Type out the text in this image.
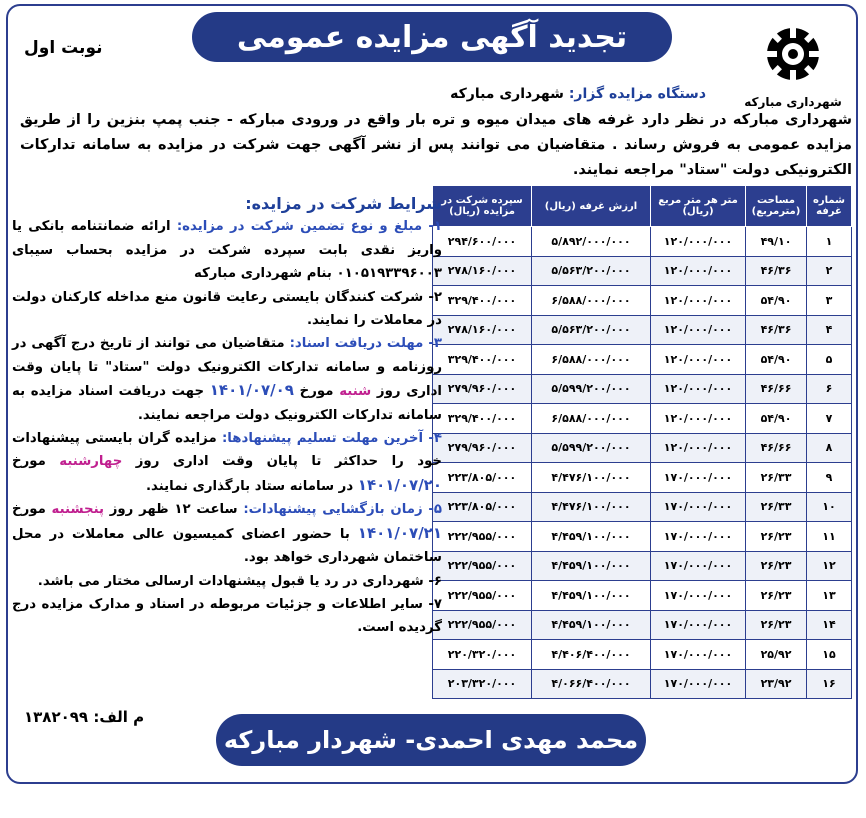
تجدید آگهی مزایده عمومی
نوبت اول
شهرداری مبارکه
دستگاه مزایده گزار: شهرداری مبارکه
شهرداری مبارکه در نظر دارد غرفه های میدان میوه و تره بار واقع در ورودی مبارکه - جنب پمپ بنزین را از طریق مزایده عمومی به فروش رساند . متقاضیان می توانند پس از نشر آگهی جهت شرکت در مزایده به سامانه تدارکات الکترونیکی دولت "ستاد" مراجعه نمایند.
شماره غرفه	مساحت (مترمربع)	متر هر متر مربع (ریال)	ارزش غرفه (ریال)	سپرده شرکت در مزایده (ریال)
۱	۴۹/۱۰	۱۲۰/۰۰۰/۰۰۰	۵/۸۹۲/۰۰۰/۰۰۰	۲۹۴/۶۰۰/۰۰۰
۲	۴۶/۳۶	۱۲۰/۰۰۰/۰۰۰	۵/۵۶۳/۲۰۰/۰۰۰	۲۷۸/۱۶۰/۰۰۰
۳	۵۴/۹۰	۱۲۰/۰۰۰/۰۰۰	۶/۵۸۸/۰۰۰/۰۰۰	۳۲۹/۴۰۰/۰۰۰
۴	۴۶/۳۶	۱۲۰/۰۰۰/۰۰۰	۵/۵۶۳/۲۰۰/۰۰۰	۲۷۸/۱۶۰/۰۰۰
۵	۵۴/۹۰	۱۲۰/۰۰۰/۰۰۰	۶/۵۸۸/۰۰۰/۰۰۰	۳۲۹/۴۰۰/۰۰۰
۶	۴۶/۶۶	۱۲۰/۰۰۰/۰۰۰	۵/۵۹۹/۲۰۰/۰۰۰	۲۷۹/۹۶۰/۰۰۰
۷	۵۴/۹۰	۱۲۰/۰۰۰/۰۰۰	۶/۵۸۸/۰۰۰/۰۰۰	۳۲۹/۴۰۰/۰۰۰
۸	۴۶/۶۶	۱۲۰/۰۰۰/۰۰۰	۵/۵۹۹/۲۰۰/۰۰۰	۲۷۹/۹۶۰/۰۰۰
۹	۲۶/۳۳	۱۷۰/۰۰۰/۰۰۰	۴/۴۷۶/۱۰۰/۰۰۰	۲۲۳/۸۰۵/۰۰۰
۱۰	۲۶/۳۳	۱۷۰/۰۰۰/۰۰۰	۴/۴۷۶/۱۰۰/۰۰۰	۲۲۳/۸۰۵/۰۰۰
۱۱	۲۶/۲۳	۱۷۰/۰۰۰/۰۰۰	۴/۴۵۹/۱۰۰/۰۰۰	۲۲۲/۹۵۵/۰۰۰
۱۲	۲۶/۲۳	۱۷۰/۰۰۰/۰۰۰	۴/۴۵۹/۱۰۰/۰۰۰	۲۲۲/۹۵۵/۰۰۰
۱۳	۲۶/۲۳	۱۷۰/۰۰۰/۰۰۰	۴/۴۵۹/۱۰۰/۰۰۰	۲۲۲/۹۵۵/۰۰۰
۱۴	۲۶/۲۳	۱۷۰/۰۰۰/۰۰۰	۴/۴۵۹/۱۰۰/۰۰۰	۲۲۲/۹۵۵/۰۰۰
۱۵	۲۵/۹۲	۱۷۰/۰۰۰/۰۰۰	۴/۴۰۶/۴۰۰/۰۰۰	۲۲۰/۳۲۰/۰۰۰
۱۶	۲۳/۹۲	۱۷۰/۰۰۰/۰۰۰	۴/۰۶۶/۴۰۰/۰۰۰	۲۰۳/۳۲۰/۰۰۰
شرایط شرکت در مزایده:

۱- مبلغ و نوع تضمین شرکت در مزایده: ارائه ضمانتنامه بانکی یا واریز نقدی بابت سپرده شرکت در مزایده بحساب سیبای ۰۱۰۵۱۹۳۳۹۶۰۰۳ بنام شهرداری مبارکه

۲- شرکت کنندگان بایستی رعایت قانون منع مداخله کارکنان دولت در معاملات را نمایند.

۳- مهلت دریافت اسناد: متقاضیان می توانند از تاریخ درج آگهی در روزنامه و سامانه تدارکات الکترونیک دولت "ستاد" تا پایان وقت اداری روز شنبه مورخ ۱۴۰۱/۰۷/۰۹ جهت دریافت اسناد مزایده به سامانه تدارکات الکترونیک دولت مراجعه نمایند.

۴- آخرین مهلت تسلیم پیشنهادها: مزایده گران بایستی پیشنهادات خود را حداکثر تا پایان وقت اداری روز چهارشنبه مورخ ۱۴۰۱/۰۷/۲۰ در سامانه ستاد بارگذاری نمایند.

۵- زمان بازگشایی پیشنهادات: ساعت ۱۲ ظهر روز پنجشنبه مورخ ۱۴۰۱/۰۷/۲۱ با حضور اعضای کمیسیون عالی معاملات در محل ساختمان شهرداری خواهد بود.

۶- شهرداری در رد یا قبول پیشنهادات ارسالی مختار می باشد.

۷- سایر اطلاعات و جزئیات مربوطه در اسناد و مدارک مزایده درج گردیده است.

م الف: ۱۳۸۲۰۹۹
محمد مهدی احمدی- شهردار مبارکه
